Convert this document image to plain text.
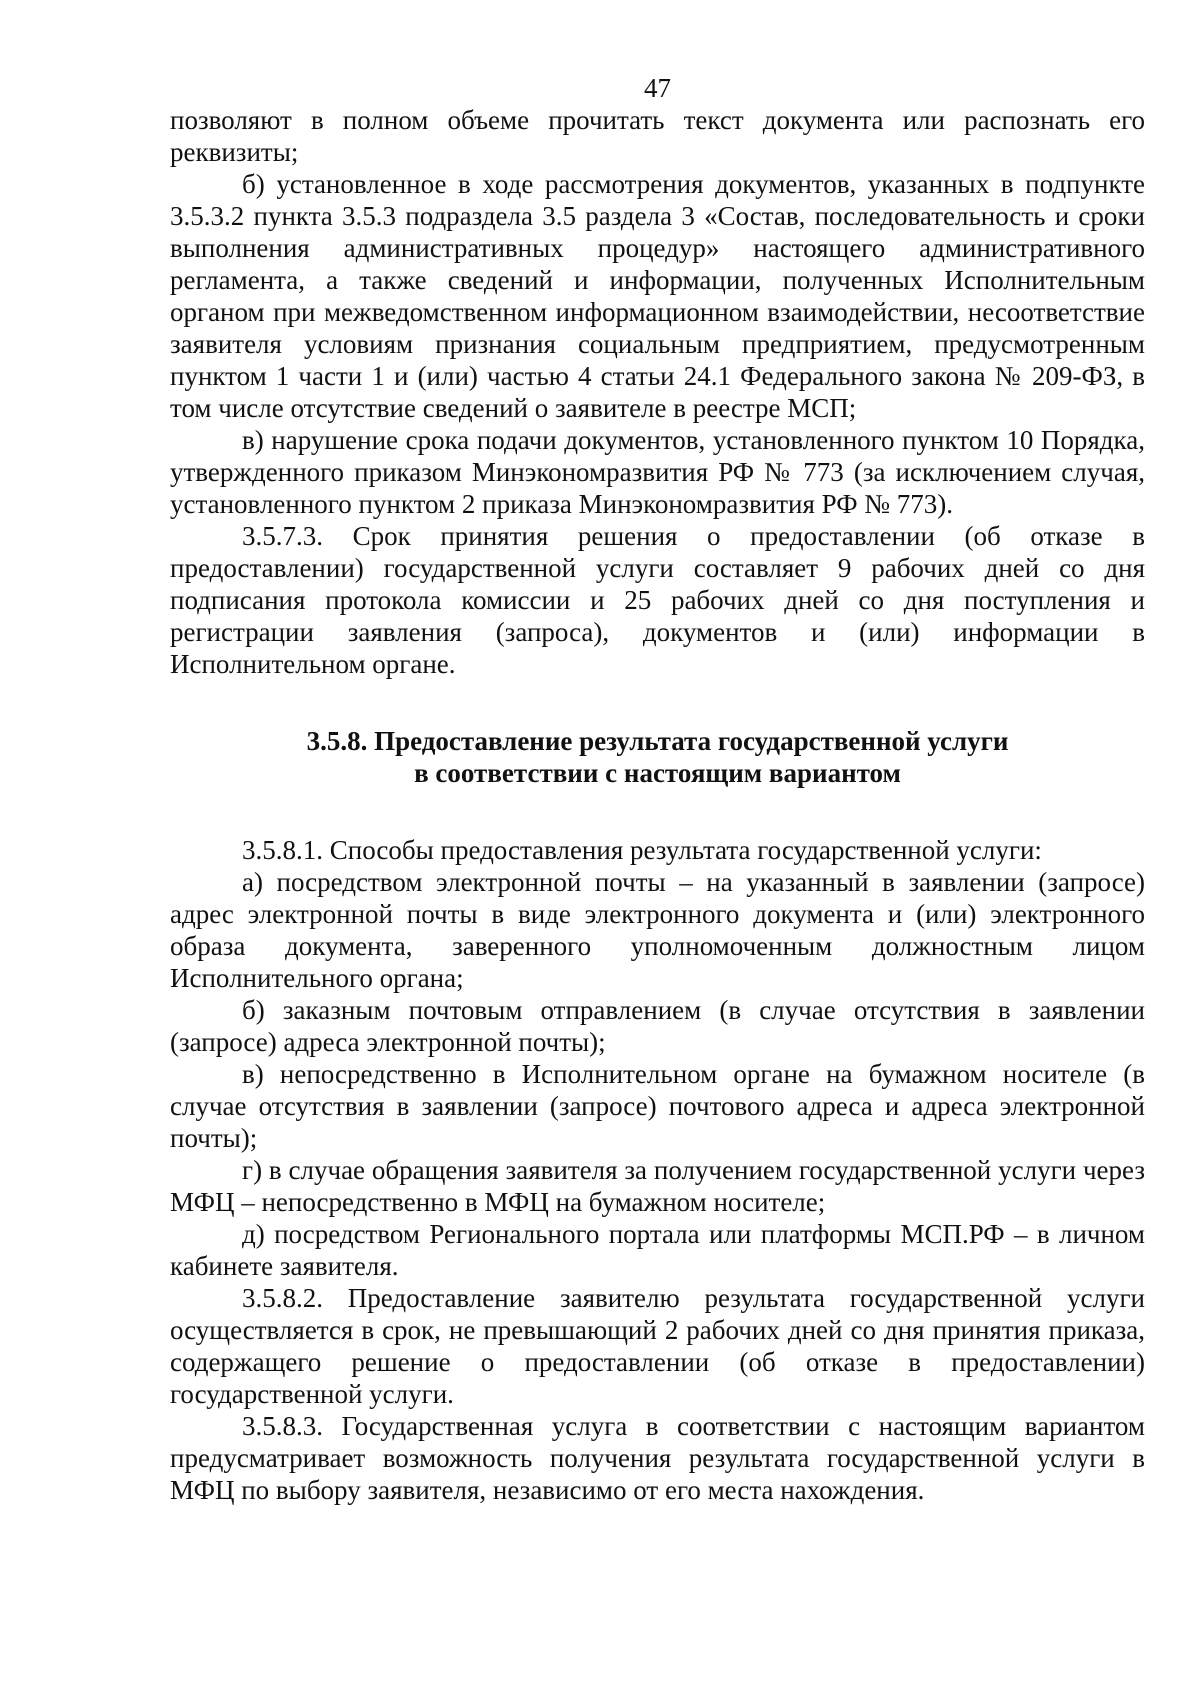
47

позволяют в полном объеме прочитать текст документа или распознать его реквизиты;

б) установленное в ходе рассмотрения документов, указанных в подпункте 3.5.3.2 пункта 3.5.3 подраздела 3.5 раздела 3 «Состав, последовательность и сроки выполнения административных процедур» настоящего административного регламента, а также сведений и информации, полученных Исполнительным органом при межведомственном информационном взаимодействии, несоответствие заявителя условиям признания социальным предприятием, предусмотренным пунктом 1 части 1 и (или) частью 4 статьи 24.1 Федерального закона № 209-ФЗ, в том числе отсутствие сведений о заявителе в реестре МСП;

в) нарушение срока подачи документов, установленного пунктом 10 Порядка, утвержденного приказом Минэкономразвития РФ № 773 (за исключением случая, установленного пунктом 2 приказа Минэкономразвития РФ № 773).

3.5.7.3. Срок принятия решения о предоставлении (об отказе в предоставлении) государственной услуги составляет 9 рабочих дней со дня подписания протокола комиссии и 25 рабочих дней со дня поступления и регистрации заявления (запроса), документов и (или) информации в Исполнительном органе.

3.5.8. Предоставление результата государственной услуги
в соответствии с настоящим вариантом

3.5.8.1. Способы предоставления результата государственной услуги:

а) посредством электронной почты – на указанный в заявлении (запросе) адрес электронной почты в виде электронного документа и (или) электронного образа документа, заверенного уполномоченным должностным лицом Исполнительного органа;

б) заказным почтовым отправлением (в случае отсутствия в заявлении (запросе) адреса электронной почты);

в) непосредственно в Исполнительном органе на бумажном носителе (в случае отсутствия в заявлении (запросе) почтового адреса и адреса электронной почты);

г) в случае обращения заявителя за получением государственной услуги через МФЦ – непосредственно в МФЦ на бумажном носителе;

д) посредством Регионального портала или платформы МСП.РФ – в личном кабинете заявителя.

3.5.8.2. Предоставление заявителю результата государственной услуги осуществляется в срок, не превышающий 2 рабочих дней со дня принятия приказа, содержащего решение о предоставлении (об отказе в предоставлении) государственной услуги.

3.5.8.3. Государственная услуга в соответствии с настоящим вариантом предусматривает возможность получения результата государственной услуги в МФЦ по выбору заявителя, независимо от его места нахождения.
